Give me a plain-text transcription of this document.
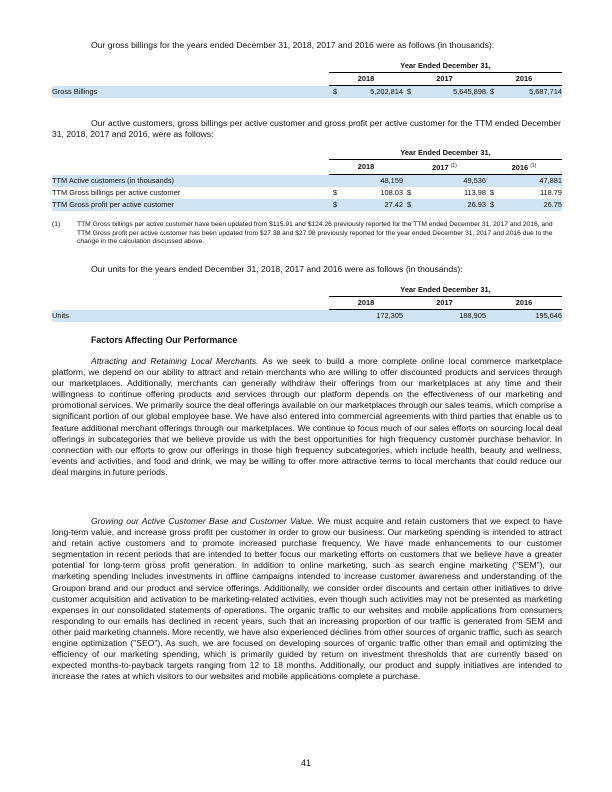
Our gross billings for the years ended December 31, 2018, 2017 and 2016 were as follows (in thousands):

	Year Ended December 31,					
	2018		2017		2016	
Gross Billings	$	5,202,814	$	5,645,898	$	5,687,714

Our active customers, gross billings per active customer and gross profit per active customer for the TTM ended December 31, 2018, 2017 and 2016, were as follows:

	Year Ended December 31,					
	2018		2017 $^{(1)}$		2016 $^{(1)}$
TTM Active customers (in thousands)		48,159		49,536		47,881
TTM Gross billings per active customer	$	108.03	$	113.98	$	118.79
TTM Gross profit per active customer	$	27.42	$	26.93	$	26.75
(1)	TTM Gross billings per active customer have been updated from $115.91 and $124.26 previously reported for the TTM ended December 31, 2017 and 2016, and TTM Gross profit per active customer has been updated from $27.38 and $27.98 previously reported for the year ended December 31, 2017 and 2016 due to the change in the calculation discussed above.

Our units for the years ended December 31, 2018, 2017 and 2016 were as follows (in thousands):

	Year Ended December 31,					
	2018		2017		2016	
Units		172,305		188,905		195,646
Factors Affecting Our Performance

Attracting and Retaining Local Merchants. As we seek to build a more complete online local commerce marketplace platform, we depend on our ability to attract and retain merchants who are willing to offer discounted products and services through our marketplaces. Additionally, merchants can generally withdraw their offerings from our marketplaces at any time and their willingness to continue offering products and services through our platform depends on the effectiveness of our marketing and promotional services. We primarily source the deal offerings available on our marketplaces through our sales teams, which comprise a significant portion of our global employee base. We have also entered into commercial agreements with third parties that enable us to feature additional merchant offerings through our marketplaces. We continue to focus much of our sales efforts on sourcing local deal offerings in subcategories that we believe provide us with the best opportunities for high frequency customer purchase behavior. In connection with our efforts to grow our offerings in those high frequency subcategories, which include health, beauty and wellness, events and activities, and food and drink, we may be willing to offer more attractive terms to local merchants that could reduce our deal margins in future periods.

Growing our Active Customer Base and Customer Value. We must acquire and retain customers that we expect to have long-term value, and increase gross profit per customer in order to grow our business. Our marketing spending is intended to attract and retain active customers and to promote increased purchase frequency. We have made enhancements to our customer segmentation in recent periods that are intended to better focus our marketing efforts on customers that we believe have a greater potential for long-term gross profit generation. In addition to online marketing, such as search engine marketing ("SEM"), our marketing spending includes investments in offline campaigns intended to increase customer awareness and understanding of the Groupon brand and our product and service offerings. Additionally, we consider order discounts and certain other initiatives to drive customer acquisition and activation to be marketing-related activities, even though such activities may not be presented as marketing expenses in our consolidated statements of operations. The organic traffic to our websites and mobile applications from consumers responding to our emails has declined in recent years, such that an increasing proportion of our traffic is generated from SEM and other paid marketing channels. More recently, we have also experienced declines from other sources of organic traffic, such as search engine optimization ("SEO"). As such, we are focused on developing sources of organic traffic other than email and optimizing the efficiency of our marketing spending, which is primarily guided by return on investment thresholds that are currently based on expected months-to-payback targets ranging from 12 to 18 months. Additionally, our product and supply initiatives are intended to increase the rates at which visitors to our websites and mobile applications complete a purchase.

41
